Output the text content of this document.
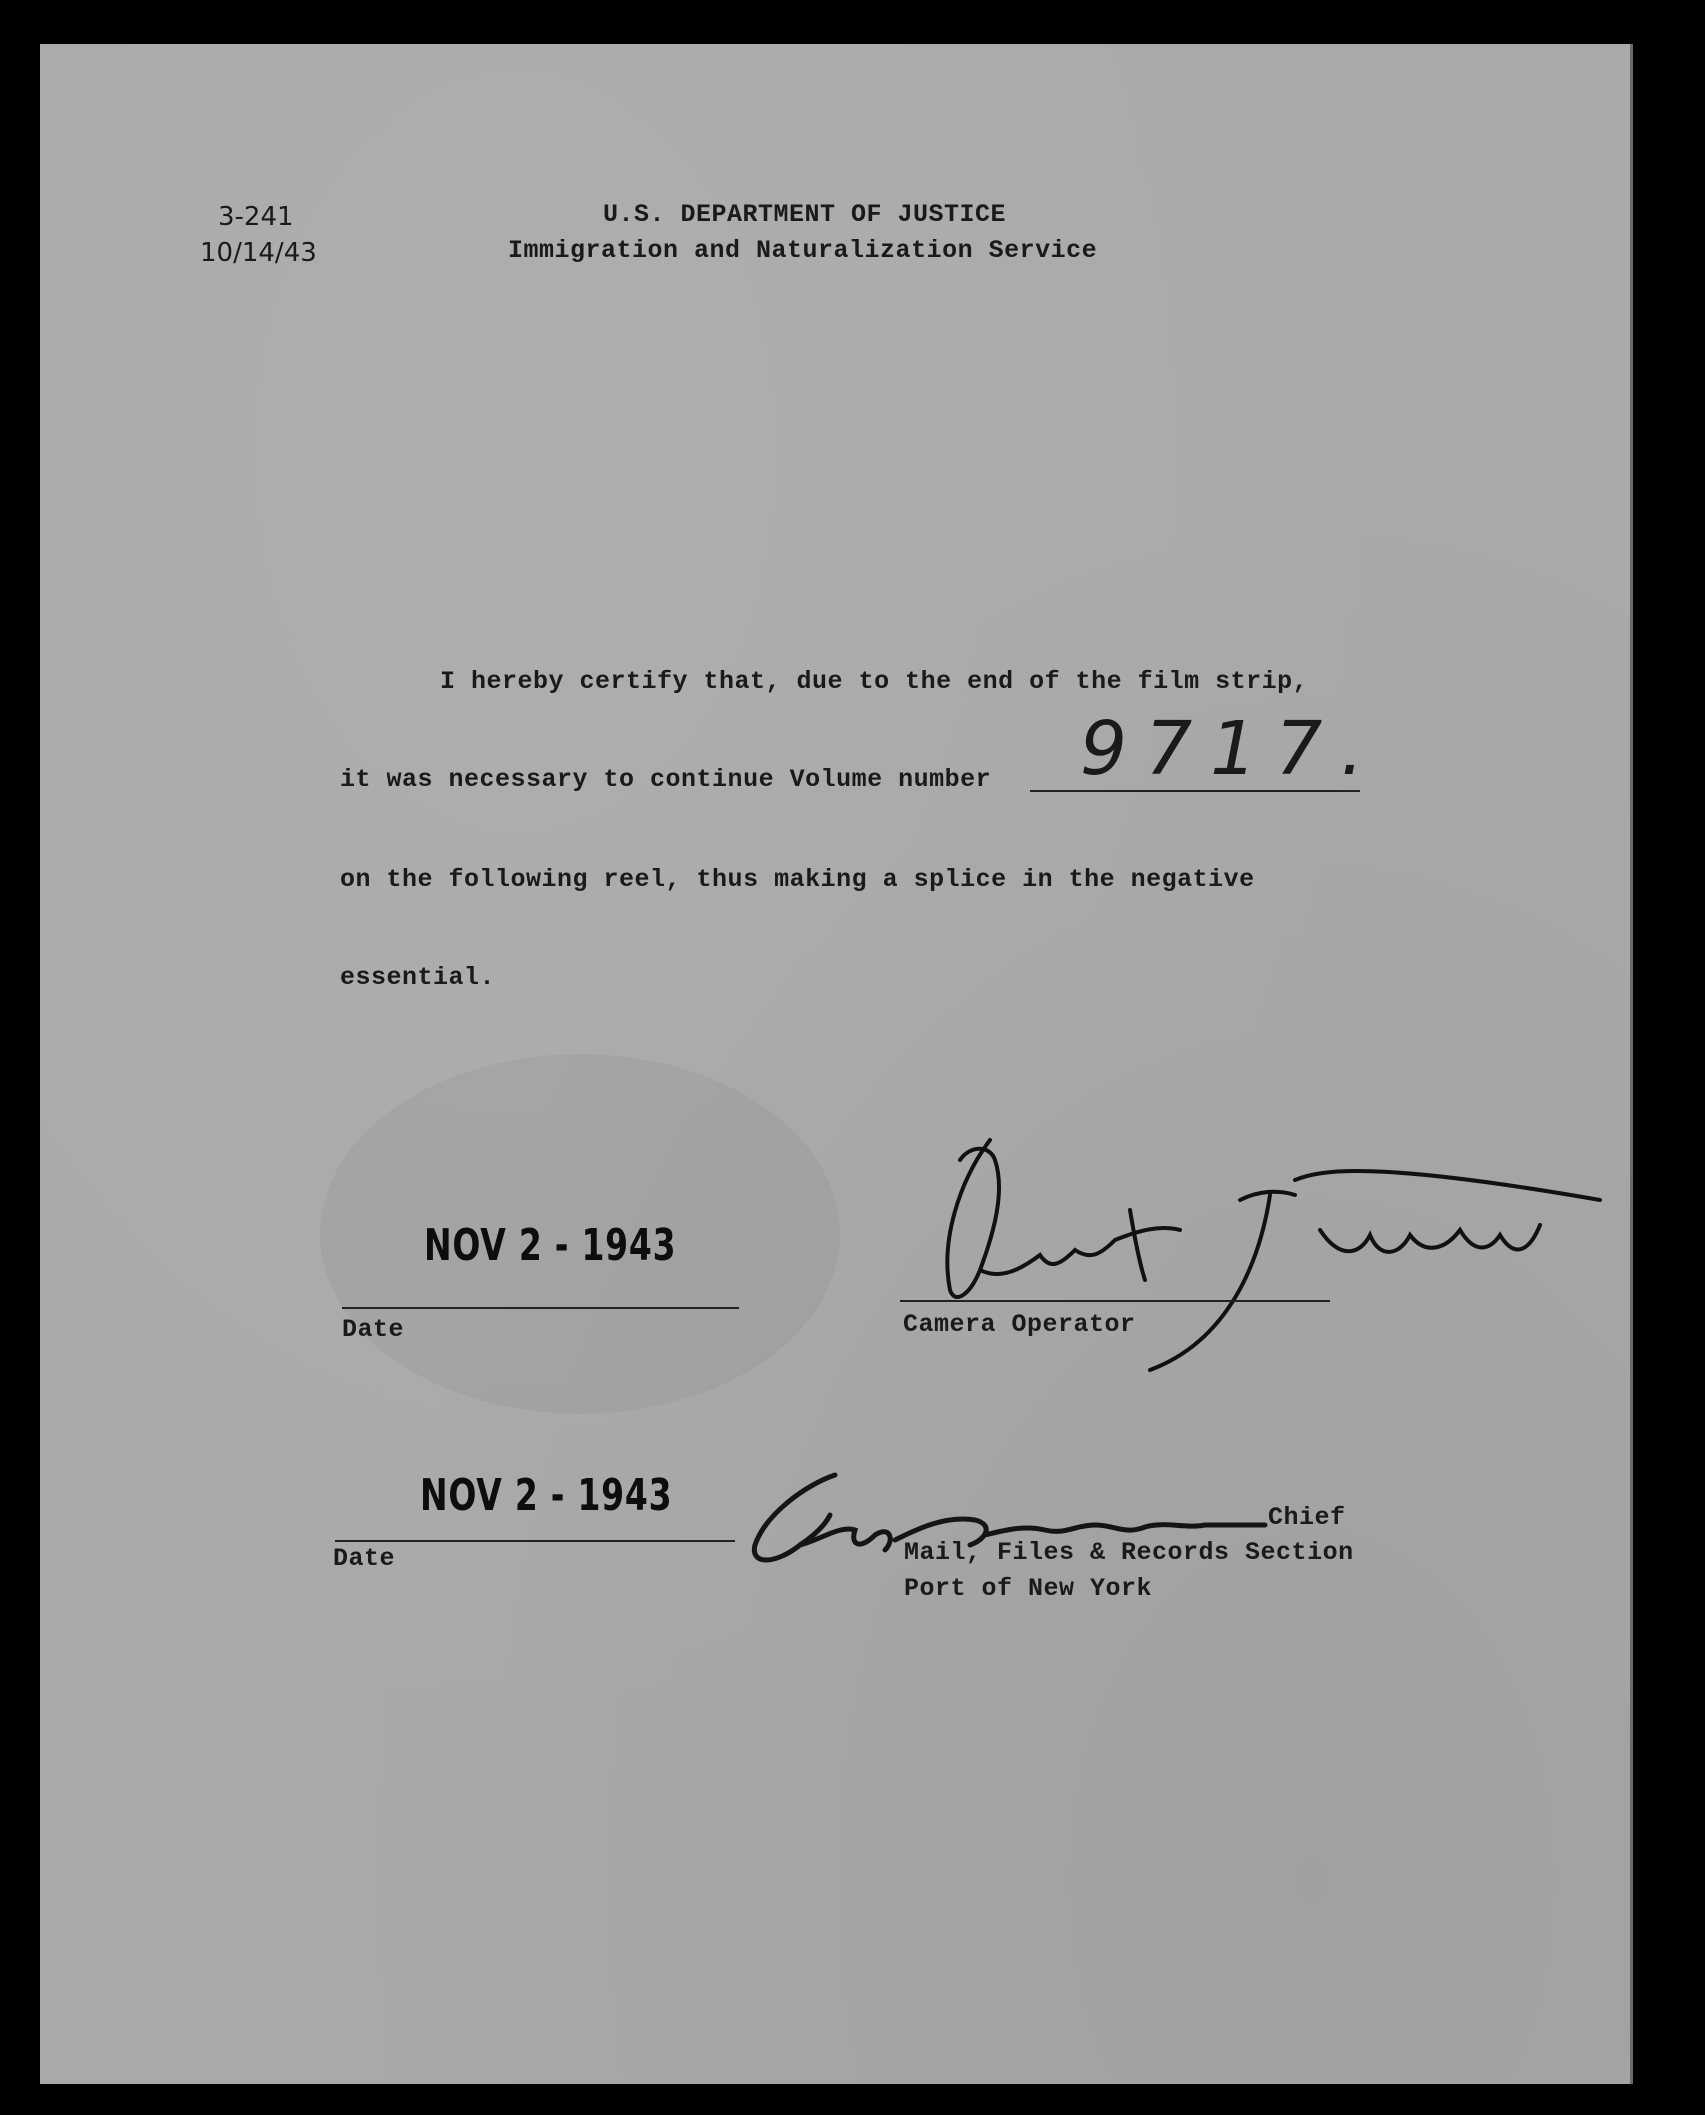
3-241
10/14/43
U.S. DEPARTMENT OF JUSTICE
Immigration and Naturalization Service
I hereby certify that, due to the end of the film strip,
it was necessary to continue Volume number 9717.
on the following reel, thus making a splice in the negative
essential.
NOV 2 - 1943
Date	Camera Operator
NOV 2 - 1943
Date
Chief
Mail, Files & Records Section
Port of New York
